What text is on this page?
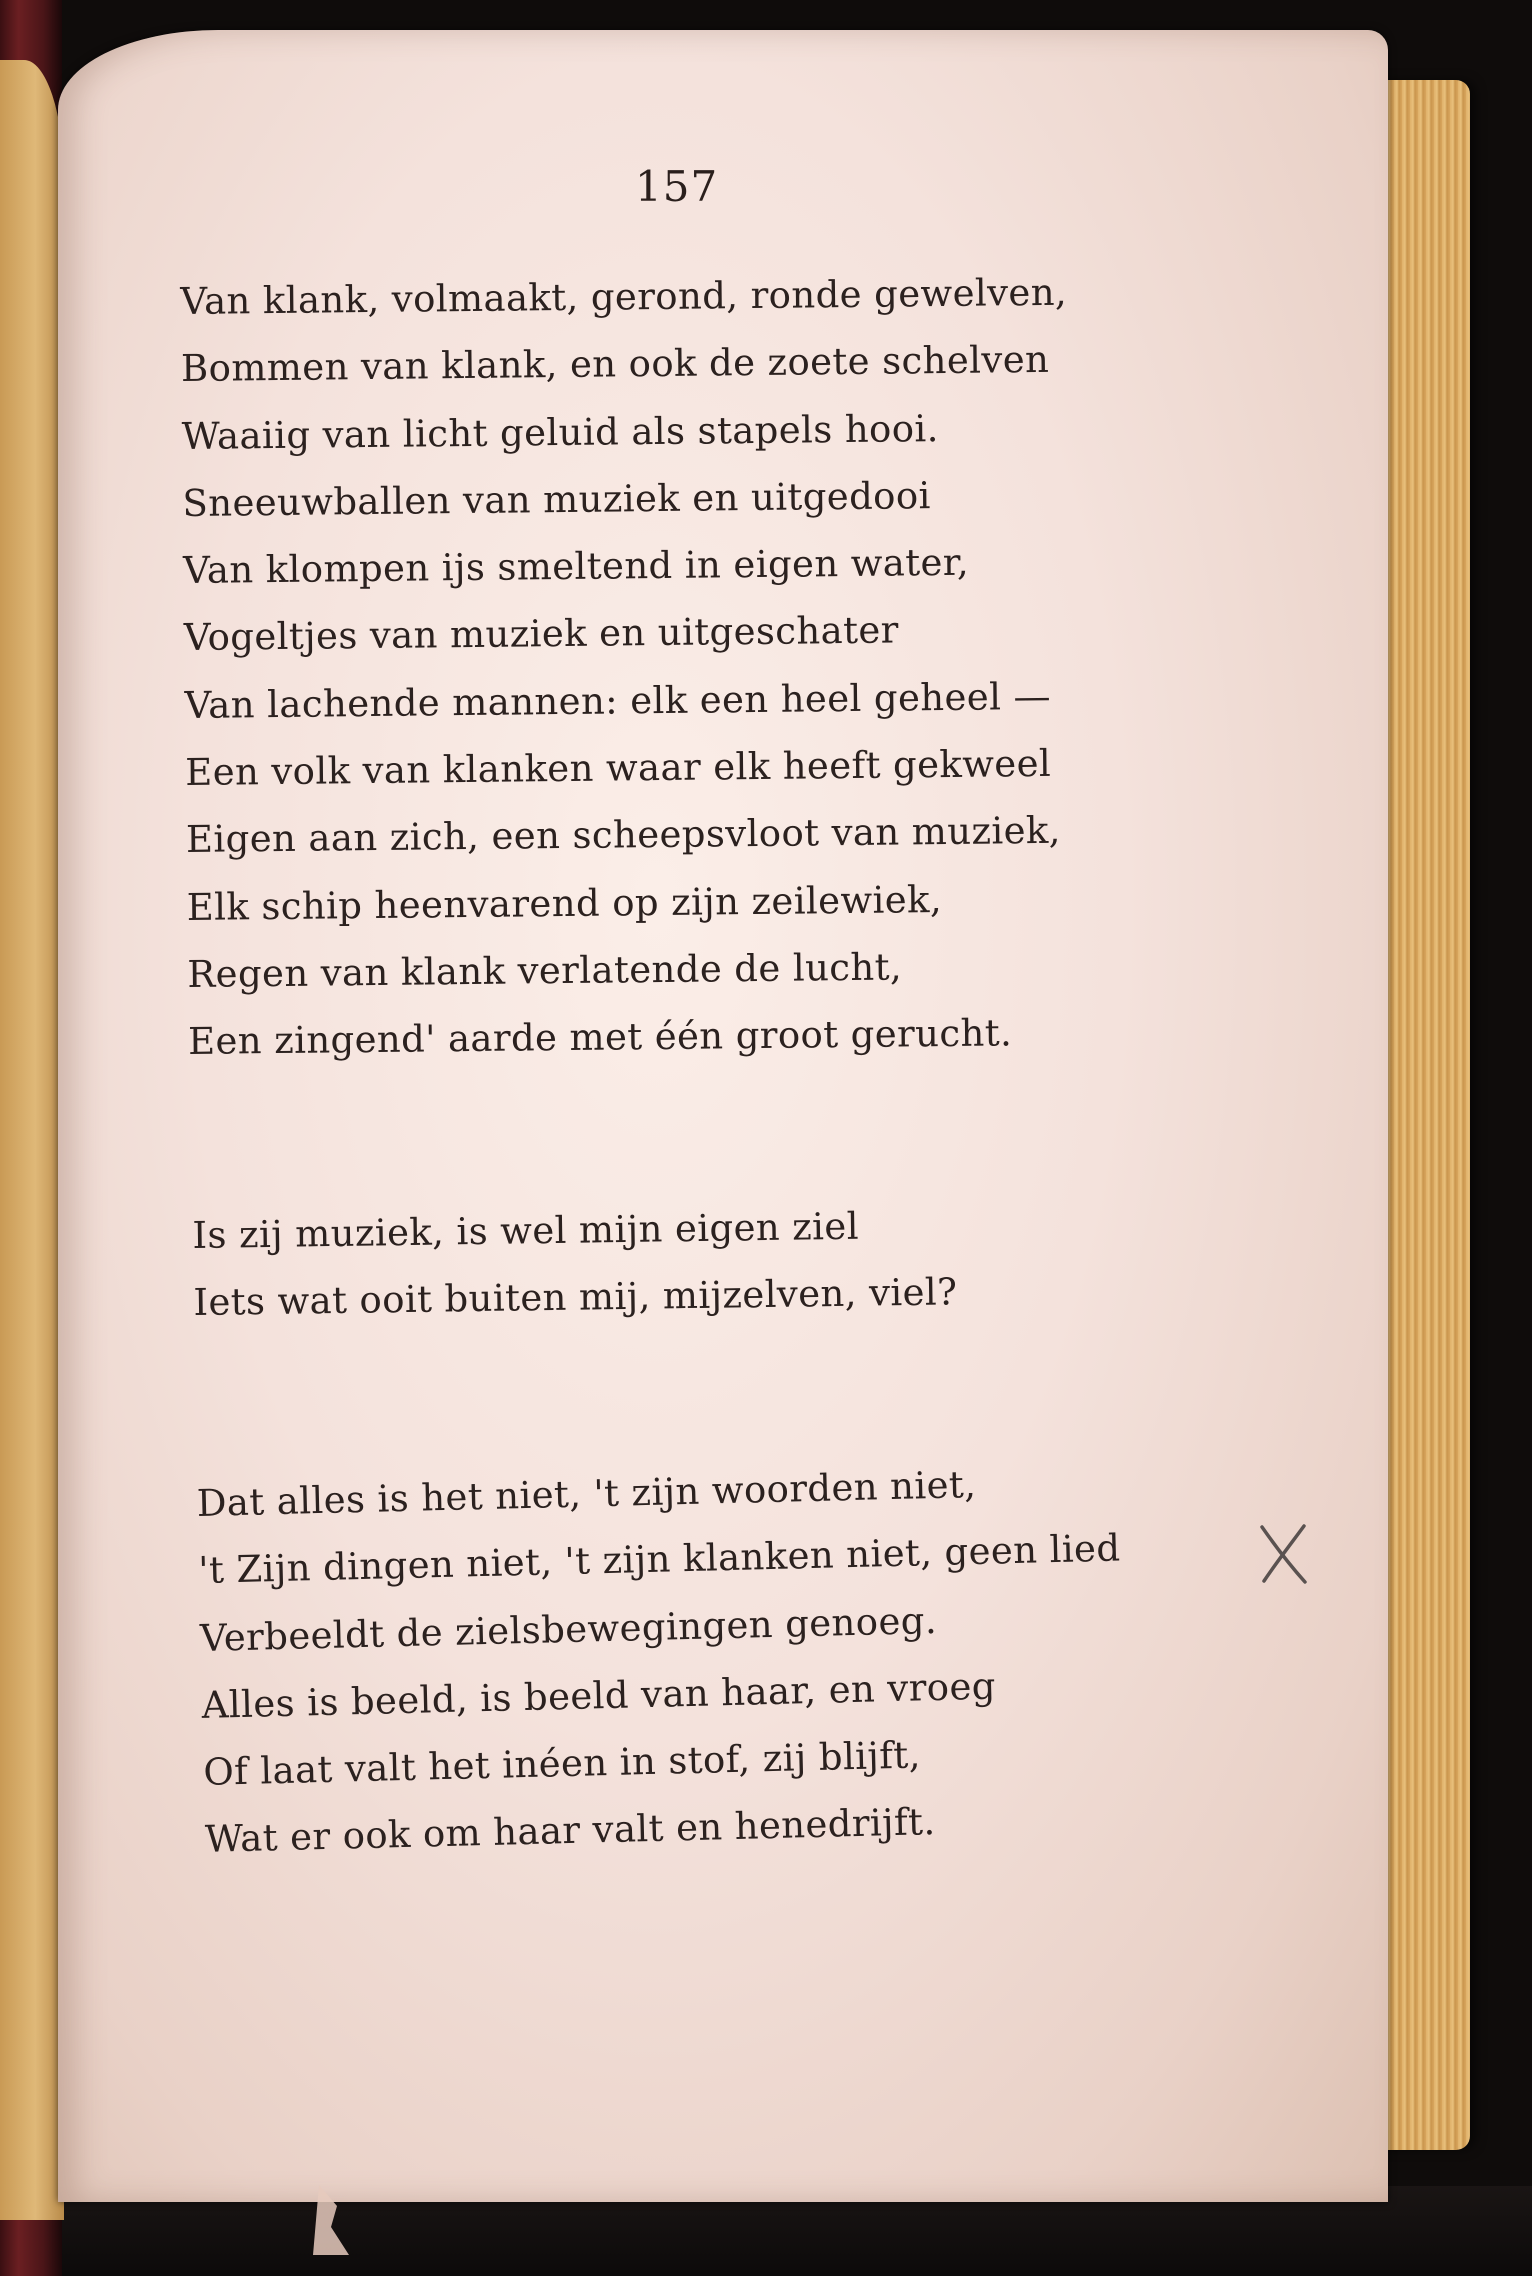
157

Van klank, volmaakt, gerond, ronde gewelven,
Bommen van klank, en ook de zoete schelven
Waaiig van licht geluid als stapels hooi.
Sneeuwballen van muziek en uitgedooi
Van klompen ijs smeltend in eigen water,
Vogeltjes van muziek en uitgeschater
Van lachende mannen: elk een heel geheel —
Een volk van klanken waar elk heeft gekweel
Eigen aan zich, een scheepsvloot van muziek,
Elk schip heenvarend op zijn zeilewiek,
Regen van klank verlatende de lucht,
Een zingend' aarde met één groot gerucht.
Is zij muziek, is wel mijn eigen ziel
Iets wat ooit buiten mij, mijzelven, viel?
Dat alles is het niet, 't zijn woorden niet,
't Zijn dingen niet, 't zijn klanken niet, geen lied
Verbeeldt de zielsbewegingen genoeg.
Alles is beeld, is beeld van haar, en vroeg
Of laat valt het inéen in stof, zij blijft,
Wat er ook om haar valt en henedrijft.
